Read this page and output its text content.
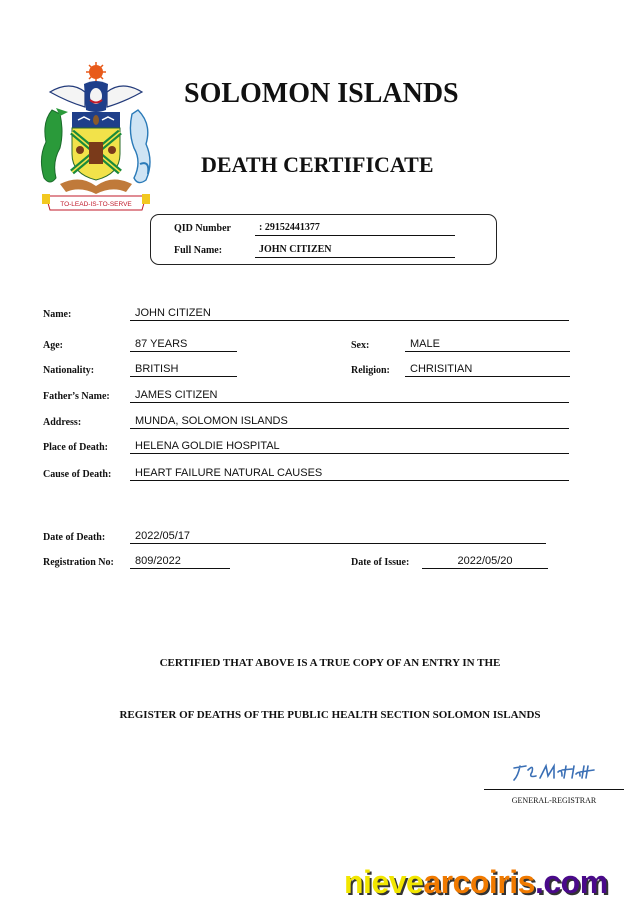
TO-LEAD-IS-TO-SERVE
SOLOMON ISLANDS
DEATH CERTIFICATE
QID Number	: 29152441377
Full Name:	JOHN CITIZEN
Name:	JOHN CITIZEN
Age:	87 YEARS	Sex:	MALE
Nationality:	BRITISH	Religion:	CHRISITIAN
Father’s Name:	JAMES CITIZEN
Address:	MUNDA, SOLOMON ISLANDS
Place of Death:	HELENA GOLDIE HOSPITAL
Cause of Death:	HEART FAILURE NATURAL CAUSES
Date of Death:	2022/05/17
Registration No:	809/2022	Date of Issue:	2022/05/20
CERTIFIED THAT ABOVE IS A TRUE COPY OF AN ENTRY IN THE
REGISTER OF DEATHS OF THE PUBLIC HEALTH SECTION SOLOMON ISLANDS
GENERAL-REGISTRAR
nievearcoiris.com
